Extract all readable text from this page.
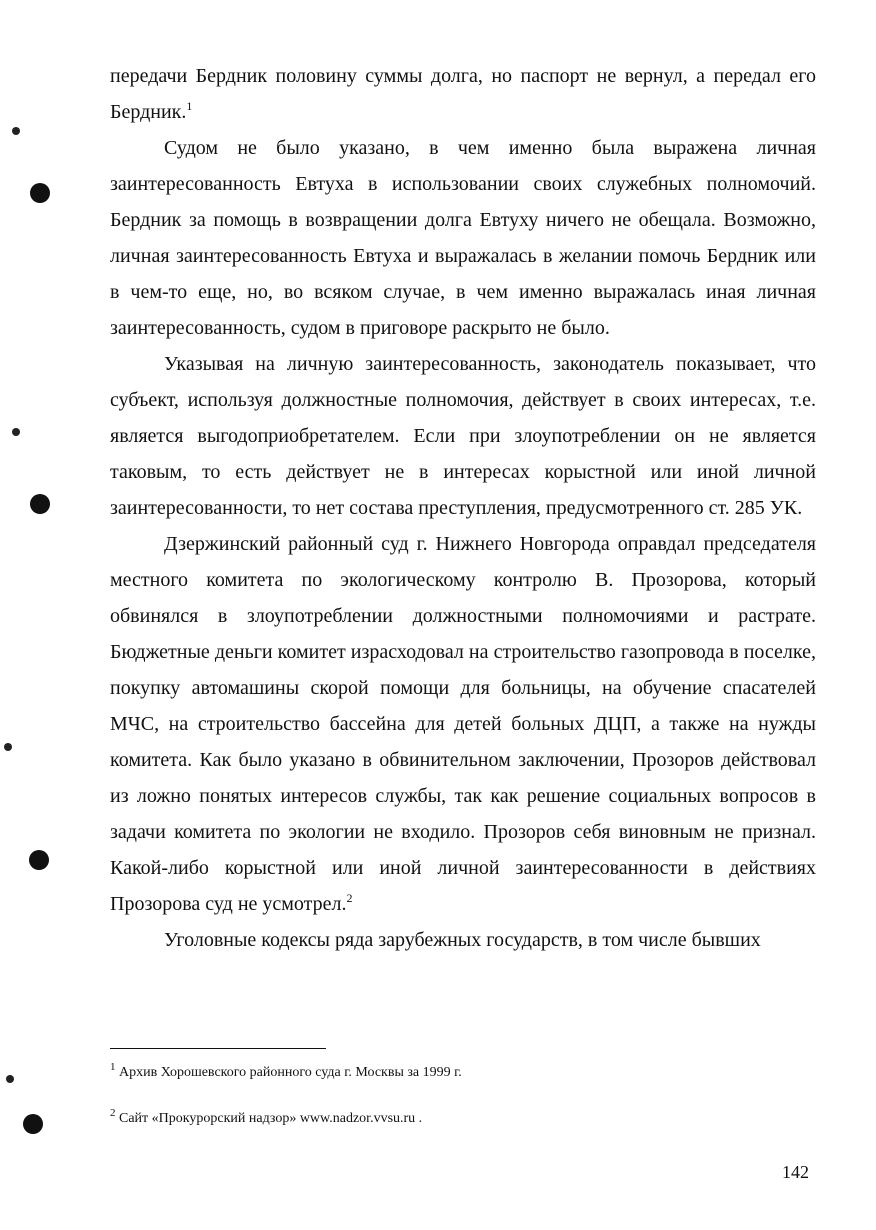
передачи Бердник половину суммы долга, но паспорт не вернул, а передал его Бердник.$^1$

Судом не было указано, в чем именно была выражена личная заинтересованность Евтуха в использовании своих служебных полномочий. Бердник за помощь в возвращении долга Евтуху ничего не обещала. Возможно, личная заинтересованность Евтуха и выражалась в желании помочь Бердник или в чем-то еще, но, во всяком случае, в чем именно выражалась иная личная заинтересованность, судом в приговоре раскрыто не было.

Указывая на личную заинтересованность, законодатель показывает, что субъект, используя должностные полномочия, действует в своих интересах, т.е. является выгодоприобретателем. Если при злоупотреблении он не является таковым, то есть действует не в интересах корыстной или иной личной заинтересованности, то нет состава преступления, предусмотренного ст. 285 УК.

Дзержинский районный суд г. Нижнего Новгорода оправдал председателя местного комитета по экологическому контролю В. Прозорова, который обвинялся в злоупотреблении должностными полномочиями и растрате. Бюджетные деньги комитет израсходовал на строительство газопровода в поселке, покупку автомашины скорой помощи для больницы, на обучение спасателей МЧС, на строительство бассейна для детей больных ДЦП, а также на нужды комитета. Как было указано в обвинительном заключении, Прозоров действовал из ложно понятых интересов службы, так как решение социальных вопросов в задачи комитета по экологии не входило. Прозоров себя виновным не признал. Какой-либо корыстной или иной личной заинтересованности в действиях Прозорова суд не усмотрел.$^2$

Уголовные кодексы ряда зарубежных государств, в том числе бывших

$^1$ Архив Хорошевского районного суда г. Москвы за 1999 г.
$^2$ Сайт «Прокурорский надзор» www.nadzor.vvsu.ru .
142
